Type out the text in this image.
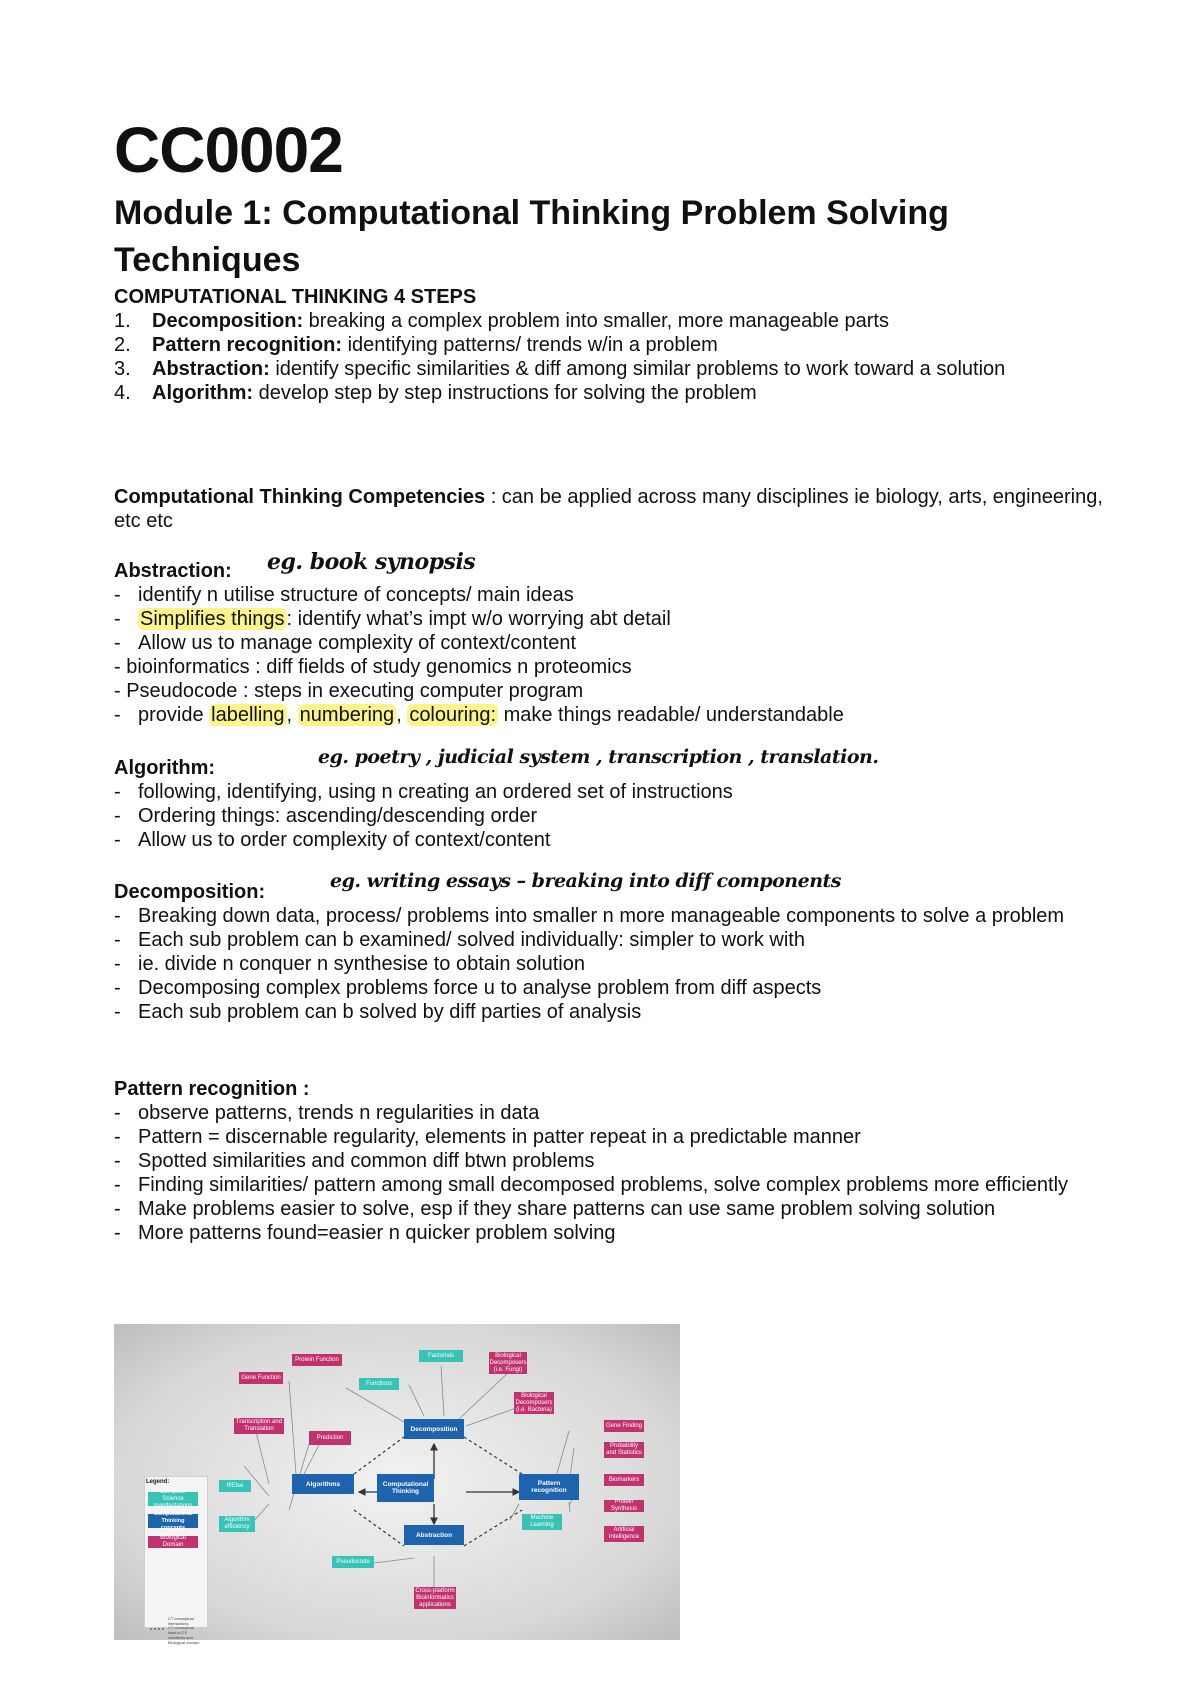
CC0002
Module 1: Computational Thinking Problem Solving Techniques

COMPUTATIONAL THINKING 4 STEPS

1. Decomposition: breaking a complex problem into smaller, more manageable parts
2. Pattern recognition: identifying patterns/ trends w/in a problem
3. Abstraction: identify specific similarities & diff among similar problems to work toward a solution
4. Algorithm: develop step by step instructions for solving the problem

Computational Thinking Competencies : can be applied across many disciplines ie biology, arts, engineering, etc etc

Abstraction:

- identify n utilise structure of concepts/ main ideas
- Simplifies things : identify what’s impt w/o worrying abt detail
- Allow us to manage complexity of context/content
- bioinformatics : diff fields of study genomics n proteomics
- Pseudocode : steps in executing computer program
- provide labelling , numbering , colouring: make things readable/ understandable
eg. book synopsis

Algorithm:

- following, identifying, using n creating an ordered set of instructions
- Ordering things: ascending/descending order
- Allow us to order complexity of context/content
eg. poetry , judicial system , transcription , translation.

Decomposition:

- Breaking down data, process/ problems into smaller n more manageable components to solve a problem
- Each sub problem can b examined/ solved individually: simpler to work with
- ie. divide n conquer n synthesise to obtain solution
- Decomposing complex problems force u to analyse problem from diff aspects
- Each sub problem can b solved by diff parties of analysis
eg. writing essays – breaking into diff components

Pattern recognition :

- observe patterns, trends n regularities in data
- Pattern = discernable regularity, elements in patter repeat in a predictable manner
- Spotted similarities and common diff btwn problems
- Finding similarities/ pattern among small decomposed problems, solve complex problems more efficiently
- Make problems easier to solve, esp if they share patterns can use same problem solving solution
- More patterns found=easier n quicker problem solving
Computational Thinking
Decomposition
Abstraction
Algorithms	Pattern recognition
Prediction
Protein Function
Gene Function
Transcription and Translation
Biological Decomposers (i.e. Fungi)
Biological Decomposers (i.e. Bacteria)
Gene Finding
Probability and Statistics
Biomarkers
Protein Synthesis
Artificial Intelligence
Cross-platform Bioinformatics applications
Functions
Factorials
If/Else
Algorithm efficiency
Machine Learning
Pseudocode
Legend:
Computer Science manifestations
Computational Thinking concepts
Biological Domain
CT conceptual interactions
CT conceptual links to CS manifests and Biological domain
